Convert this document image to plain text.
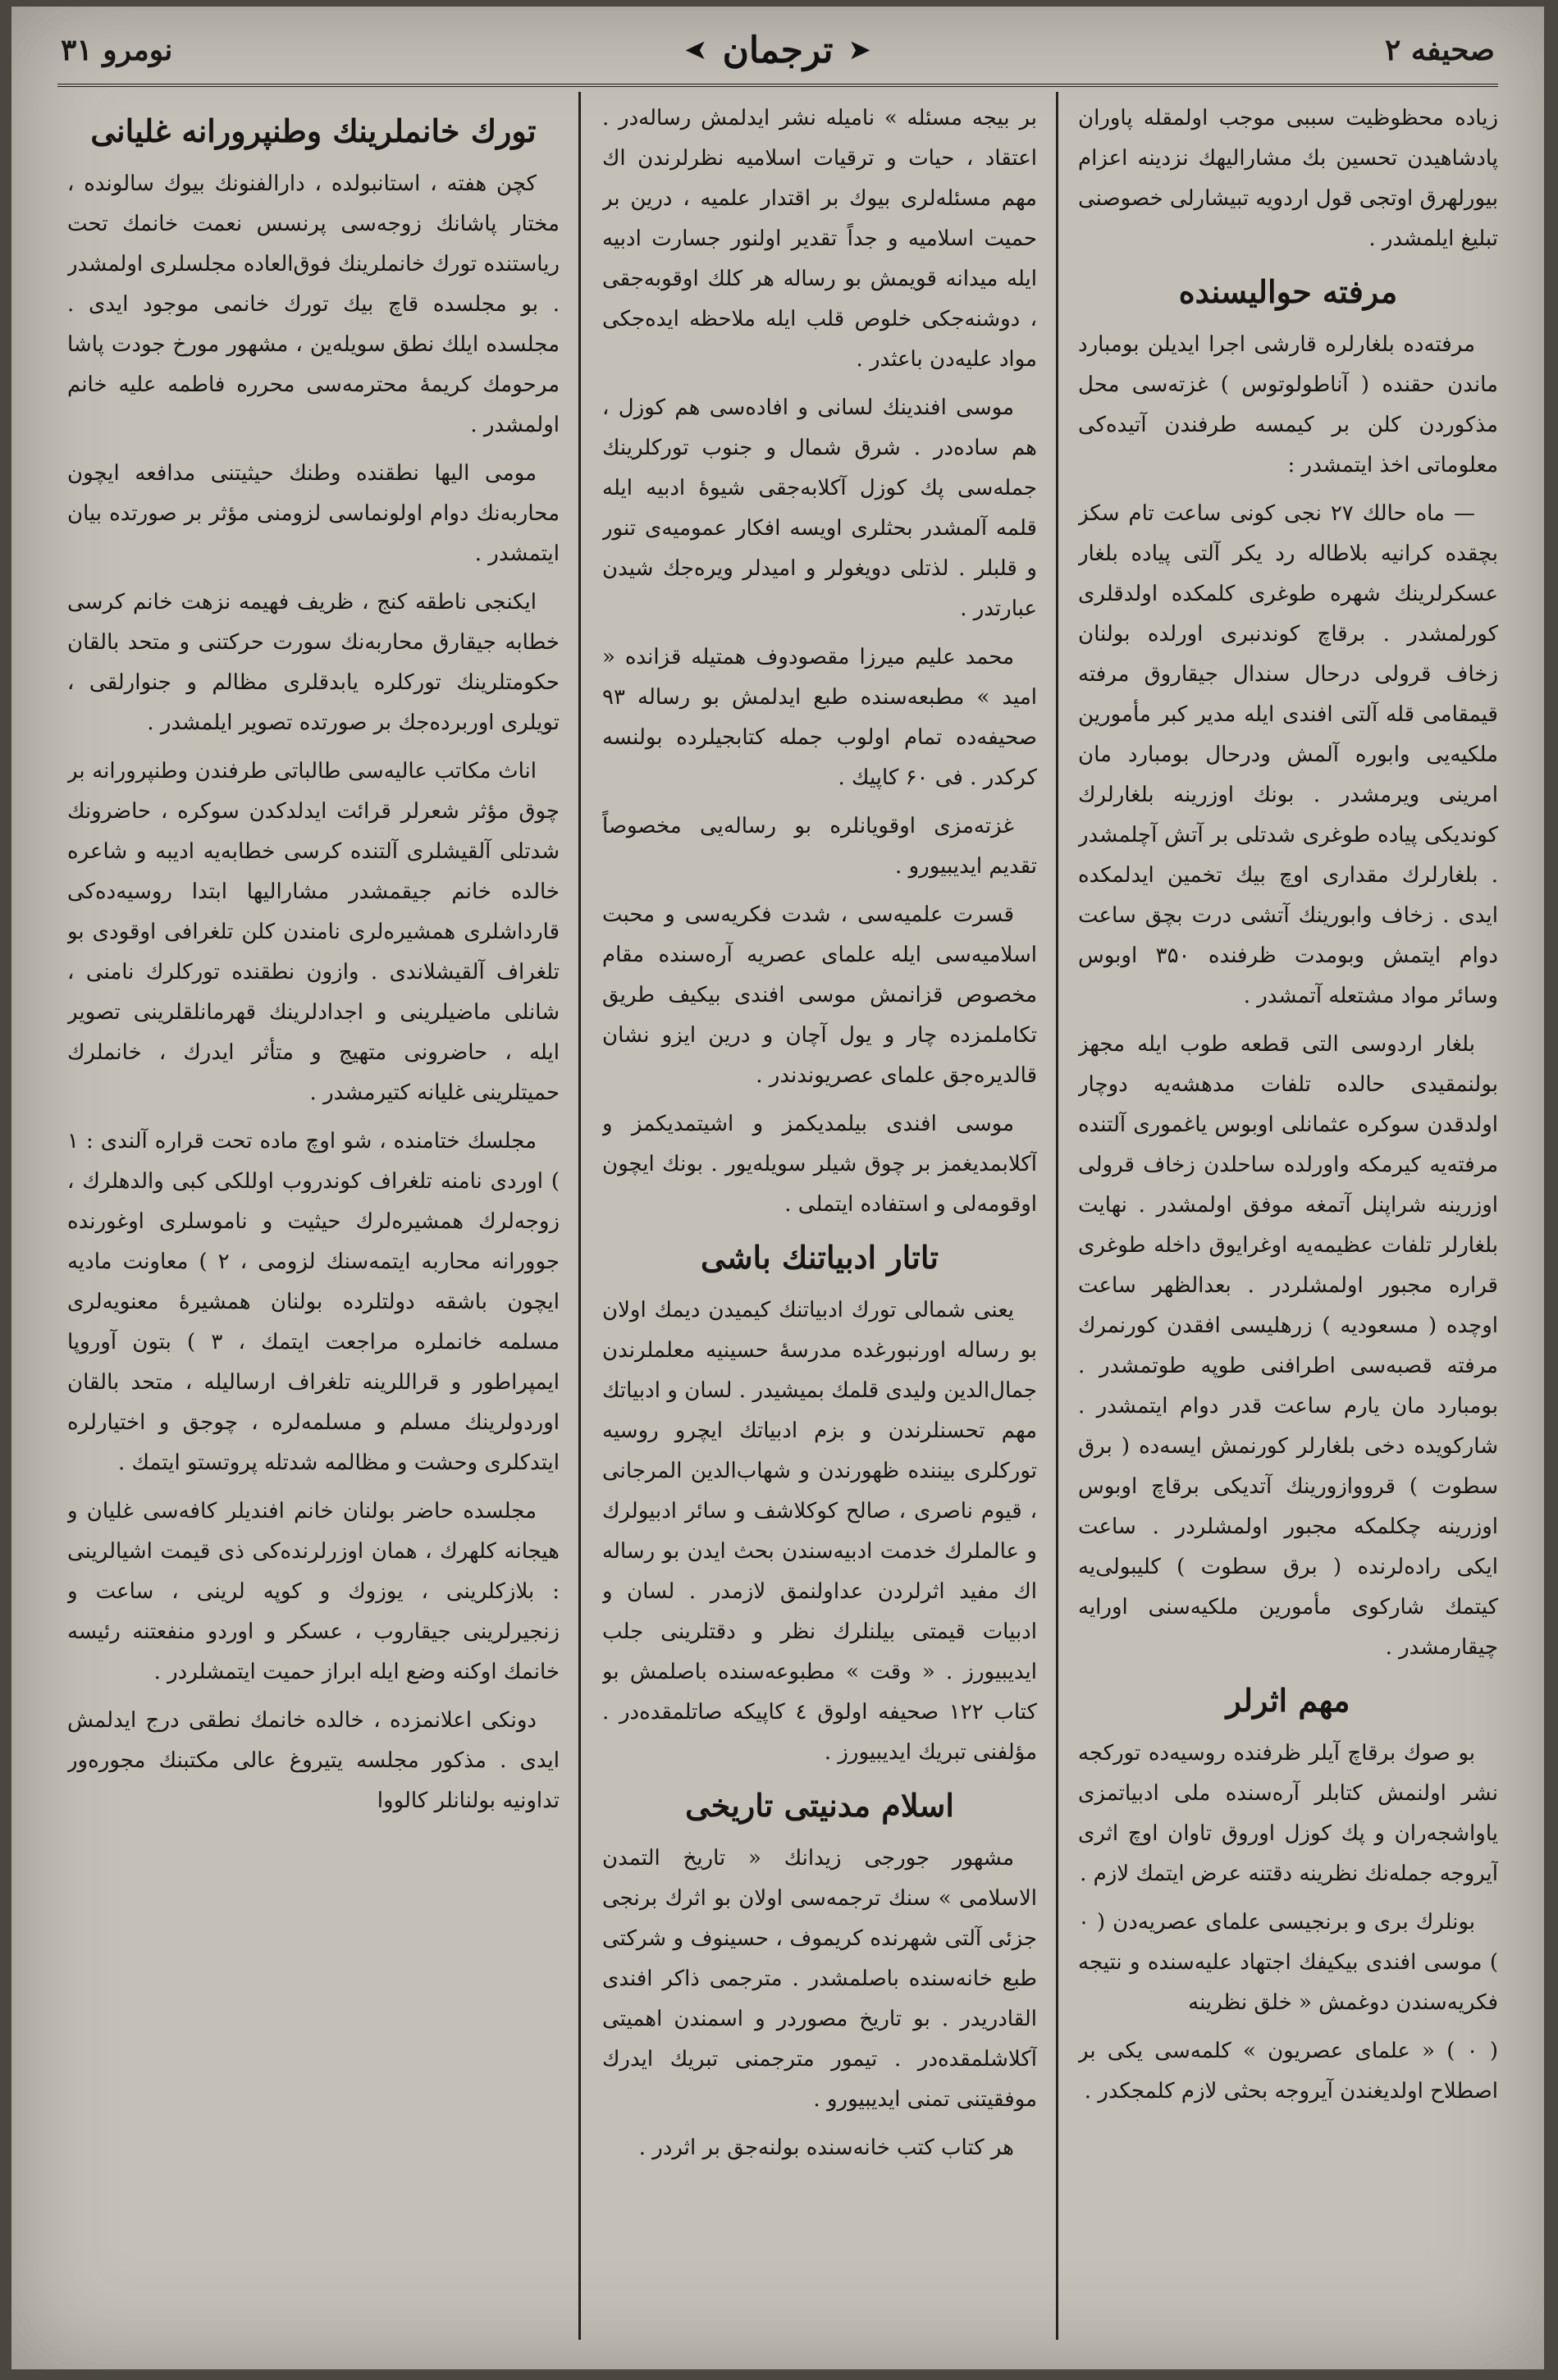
صحیفه ۲
➤
ترجمان
➤
نومرو ۳۱

زیاده محظوظیت سببی موجب اولمقله پاوران پادشاهیدن تحسین بك مشارالیهك نزدینه اعزام بیورلهرق اوتجی قول اردویه تبیشارلی خصوصنی تبلیغ ایلمشدر .

مرفته حوالیسنده

مرفته‌ده بلغارلره قارشی اجرا ایدیلن بومبارد ماندن حقنده ( آناطولوتوس ) غزته‌سی محل مذکوردن کلن بر کیمسه طرفندن آتیده‌کی معلوماتی اخذ ایتمشدر :

— ماه حالك ۲۷ نجی کونی ساعت تام سکز بچقده کرانیه بلاطاله رد یکر آلتی پیاده بلغار عسکرلرینك شهره طوغری کلمکده اولدقلری کورلمشدر . برقاچ کوندنبری اورلده بولنان زخاف قرولی درحال سندال جیقاروق مرفته قیمقامی قله آلتی افندی ایله مدیر کبر مأمورین ملکیه‌یی وابوره آلمش ودرحال بومبارد مان امرینی ویرمشدر . بونك اوزرینه بلغارلرك کوندیکی پیاده طوغری شدتلی بر آتش آچلمشدر . بلغارلرك مقداری اوچ بیك تخمین ایدلمکده ایدی . زخاف وابورینك آتشی درت بچق ساعت دوام ایتمش وبومدت ظرفنده ۳۵۰ اوبوس وسائر مواد مشتعله آتمشدر .

بلغار اردوسی التی قطعه طوب ایله مجهز بولنمقیدی حالده تلفات مدهشه‌یه دوچار اولدقدن سوکره عثمانلی اوبوس یاغموری آلتنده مرفته‌یه کیرمکه واورلده ساحلدن زخاف قرولی اوزرینه شراپنل آتمغه موفق اولمشدر . نهایت بلغارلر تلفات عظیمه‌یه اوغرایوق داخله طوغری قراره مجبور اولمشلردر . بعدالظهر ساعت اوچده ( مسعودیه ) زرهلیسی افقدن کورنمرك مرفته قصبه‌سی اطرافنی طوپه طوتمشدر . بومبارد مان یارم ساعت قدر دوام ایتمشدر . شارکویده دخی بلغارلر کورنمش ایسه‌ده ( برق سطوت ) قرووازورینك آتدیکی برقاچ اوبوس اوزرینه چکلمکه مجبور اولمشلردر . ساعت ایکی راده‌لرنده ( برق سطوت ) کلیبولی‌یه کیتمك شارکوی مأمورین ملکیه‌سنی اورایه چیقارمشدر .

مهم اثرلر

بو صوك برقاچ آیلر ظرفنده روسیه‌ده تورکجه نشر اولنمش کتابلر آره‌سنده ملی ادبیاتمزی یاواشجه‌ران و پك کوزل اوروق تاوان اوچ اثری آیروجه جمله‌نك نظرینه دقتنه عرض ایتمك لازم .

بونلرك بری و برنجیسی علمای عصریه‌دن ( ۰ ) موسی افندی بیکیفك اجتهاد علیه‌سنده و نتیجه فکریه‌سندن دوغمش « خلق نظرینه

( ۰ ) « علمای عصریون » کلمه‌سی یکی بر اصطلاح اولدیغندن آیروجه بحثی لازم کلمجکدر .

بر بیجه مسئله » نامیله نشر ایدلمش رساله‌در . اعتقاد ، حیات و ترقیات اسلامیه نظرلرندن اك مهم مسئله‌لری بیوك بر اقتدار علمیه ، درین بر حمیت اسلامیه و جداً تقدیر اولنور جسارت ادبیه ایله میدانه قویمش بو رساله هر کلك اوقوبه‌جقی ، دوشنه‌جکی خلوص قلب ایله ملاحظه ایده‌جکی مواد علیه‌دن باعثدر .

موسی افندینك لسانی و افاده‌سی هم کوزل ، هم ساده‌در . شرق شمال و جنوب تورکلرینك جمله‌سی پك کوزل آکلابه‌جقی شیوهٔ ادبیه ایله قلمه آلمشدر بحثلری اویسه افکار عمومیه‌ی تنور و قلبلر . لذتلی دویغولر و امیدلر ویره‌جك شیدن عبارتدر .

محمد علیم میرزا مقصودوف همتیله قزانده « امید » مطبعه‌سنده طبع ایدلمش بو رساله ۹۳ صحیفه‌ده تمام اولوب جمله کتابجیلرده بولنسه کرکدر . فی ۶۰ کاپیك .

غزته‌مزی اوقویانلره بو رساله‌یی مخصوصاً تقدیم ایدیبیورو .

قسرت علمیه‌سی ، شدت فکریه‌سی و محبت اسلامیه‌سی ایله علمای عصریه آره‌سنده مقام مخصوص قزانمش موسی افندی بیکیف طریق تکاملمزده چار و یول آچان و درین ایزو نشان قالدیره‌جق علمای عصریوندندر .

موسی افندی بیلمدیکمز و اشیتمدیکمز و آکلابمدیغمز بر چوق شیلر سویله‌یور . بونك ایچون اوقومه‌لی و استفاده ایتملی .

تاتار ادبیاتنك باشی

یعنی شمالی تورك ادبیاتنك کیمیدن دیمك اولان بو رساله اورنبورغده مدرسهٔ حسینیه معلملرندن جمال‌الدین ولیدی قلمك بمیشیدر . لسان و ادبیاتك مهم تحسنلرندن و بزم ادبیاتك ایچرو روسیه تورکلری بیننده ظهورندن و شهاب‌الدین المرجانی ، قیوم ناصری ، صالح کوکلاشف و سائر ادبیولرك و عالملرك خدمت ادبیه‌سندن بحث ایدن بو رساله اك مفید اثرلردن عداولنمق لازمدر . لسان و ادبیات قیمتی بیلنلرك نظر و دقتلرینی جلب ایدیبیورز . « وقت » مطبوعه‌سنده باصلمش بو کتاب ۱۲۲ صحیفه اولوق ٤ کاپیکه صاتلمقده‌در . مؤلفنی تبریك ایدیبیورز .

اسلام مدنیتی تاریخی

مشهور جورجی زیدانك « تاریخ التمدن الاسلامی » سنك ترجمه‌سی اولان بو اثرك برنجی جزئی آلتی شهرنده کریموف ، حسینوف و شرکتی طبع خانه‌سنده باصلمشدر . مترجمی ذاکر افندی القادریدر . بو تاریخ مصوردر و اسمندن اهمیتی آکلاشلمقده‌در . تیمور مترجمنی تبریك ایدرك موفقیتنی تمنی ایدیبیورو .

هر کتاب کتب خانه‌سنده بولنه‌جق بر اثردر .

تورك خانملرینك وطنپرورانه غلیانی

کچن هفته ، استانبولده ، دارالفنونك بیوك سالونده ، مختار پاشانك زوجه‌سی پرنسس نعمت خانمك تحت ریاستنده تورك خانملرینك فوق‌العاده مجلسلری اولمشدر . بو مجلسده قاچ بیك تورك خانمی موجود ایدی . مجلسده ایلك نطق سویله‌ین ، مشهور مورخ جودت پاشا مرحومك کریمهٔ محترمه‌سی محرره فاطمه علیه خانم اولمشدر .

مومی الیها نطقنده وطنك حیثیتنی مدافعه ایچون محاربه‌نك دوام اولونماسی لزومنی مؤثر بر صورتده بیان ایتمشدر .

ایکنجی ناطقه کنج ، ظریف فهیمه نزهت خانم کرسی خطابه جیقارق محاربه‌نك سورت حرکتنی و متحد بالقان حکومتلرینك تورکلره یابدقلری مظالم و جنوارلقی ، تویلری اوربرده‌جك بر صورتده تصویر ایلمشدر .

اناث مکاتب عالیه‌سی طالباتی طرفندن وطنپرورانه بر چوق مؤثر شعرلر قرائت ایدلدکدن سوکره ، حاضرونك شدتلی آلقیشلری آلتنده کرسی خطابه‌یه ادیبه و شاعره خالده خانم جیقمشدر مشارالیها ابتدا روسیه‌ده‌کی قارداشلری همشیره‌لری نامندن کلن تلغرافی اوقودی بو تلغراف آلقیشلاندی . وازون نطقنده تورکلرك نامنی ، شانلی ماضیلرینی و اجدادلرینك قهرمانلقلرینی تصویر ایله ، حاضرونی متهیج و متأثر ایدرك ، خانملرك حمیتلرینی غلیانه کتیرمشدر .

مجلسك ختامنده ، شو اوچ ماده تحت قراره آلندی : ۱ ) اوردی نامنه تلغراف کوندروب اوللکی کبی والدهلرك ، زوجه‌لرك همشیره‌لرك حیثیت و ناموسلری اوغورنده جوورانه محاربه ایتمه‌سنك لزومی ، ۲ ) معاونت مادیه ایچون باشقه دولتلرده بولنان همشیرهٔ معنویه‌لری مسلمه خانملره مراجعت ایتمك ، ۳ ) بتون آوروپا ایمپراطور و قراللرینه تلغراف ارسالیله ، متحد بالقان اوردولرینك مسلم و مسلمه‌لره ، چوجق و اختیارلره ایتدکلری وحشت و مظالمه شدتله پروتستو ایتمك .

مجلسده حاضر بولنان خانم افندیلر کافه‌سی غلیان و هیجانه کلهرك ، همان اوزرلرنده‌کی ذی قیمت اشیالرینی : بلازکلرینی ، یوزوك و کوپه لرینی ، ساعت و زنجیرلرینی جیقاروب ، عسکر و اوردو منفعتنه رئیسه خانمك اوکنه وضع ایله ابراز حمیت ایتمشلردر .

دونکی اعلانمزده ، خالده خانمك نطقی درج ایدلمش ایدی . مذکور مجلسه یتیروغ عالی مکتبنك مجوره‌ور تداونیه بولنانلر کالووا
